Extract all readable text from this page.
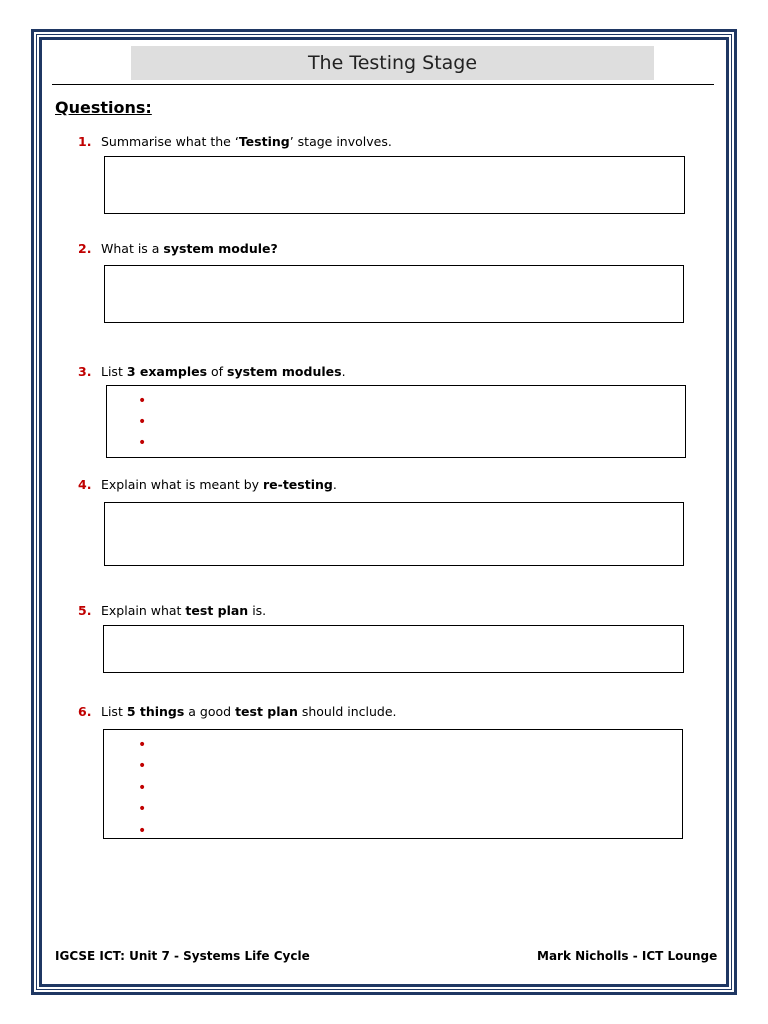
The Testing Stage
Questions:
1. Summarise what the ‘Testing’ stage involves.
2. What is a system module?
3. List 3 examples of system modules.
•
•
•
4. Explain what is meant by re-testing.
5. Explain what test plan is.
6. List 5 things a good test plan should include.
•
•
•
•
•
IGCSE ICT: Unit 7 - Systems Life Cycle	Mark Nicholls - ICT Lounge
